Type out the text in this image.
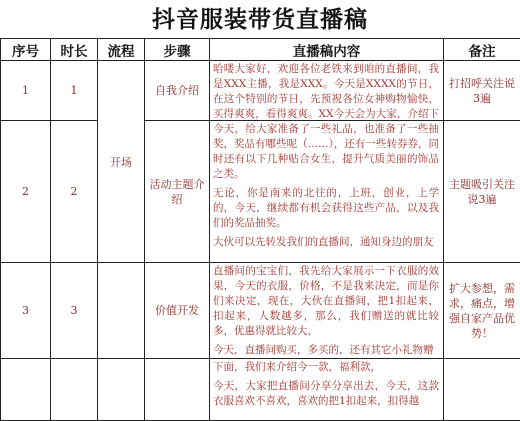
抖音服装带货直播稿
序号	时长	流程	步骤	直播稿内容	备注
1	1	开场	自我介绍	哈喽大家好，欢迎各位老铁来到咱的直播间，我是XXX主播，我是XXX。今天是XXXX的节日，在这个特别的节日，先预祝各位女神购物愉快，买得爽爽，看得爽爽。XX今天会为大家，介绍下	打招呼关注说3遍
2	2		活动主题介绍	今天，给大家准备了一些礼品，也准备了一些抽奖，奖品有哪些呢（……），还有一些转券券，同时还有以下几种贴合女生，提升气质美丽的饰品之类。

无论，你是南来的北往的，上班，创业，上学的，今天，继续都有机会获得这些产品，以及我们的奖品抽奖。

大伙可以先转发我们的直播间，通知身边的朋友	主题吸引关注说3遍
3	3		价值开发	直播间的宝宝们，我先给大家展示一下衣服的效果，今天的衣服，价格，不是我来决定，而是你们来决定，现在，大伙在直播间，把1扣起来，扣起来，人数越多，那么，我们赠送的就比较多，优惠得就比较大，

今天，直播间购买，多买的，还有其它小礼物赠	扩大参想，需求，痛点，增强自家产品优势！

				下面，我们来介绍今一款，福利款，

今天，大家把直播间分享分享出去，今天，这款衣服喜欢不喜欢，喜欢的把1扣起来，扣得越	
